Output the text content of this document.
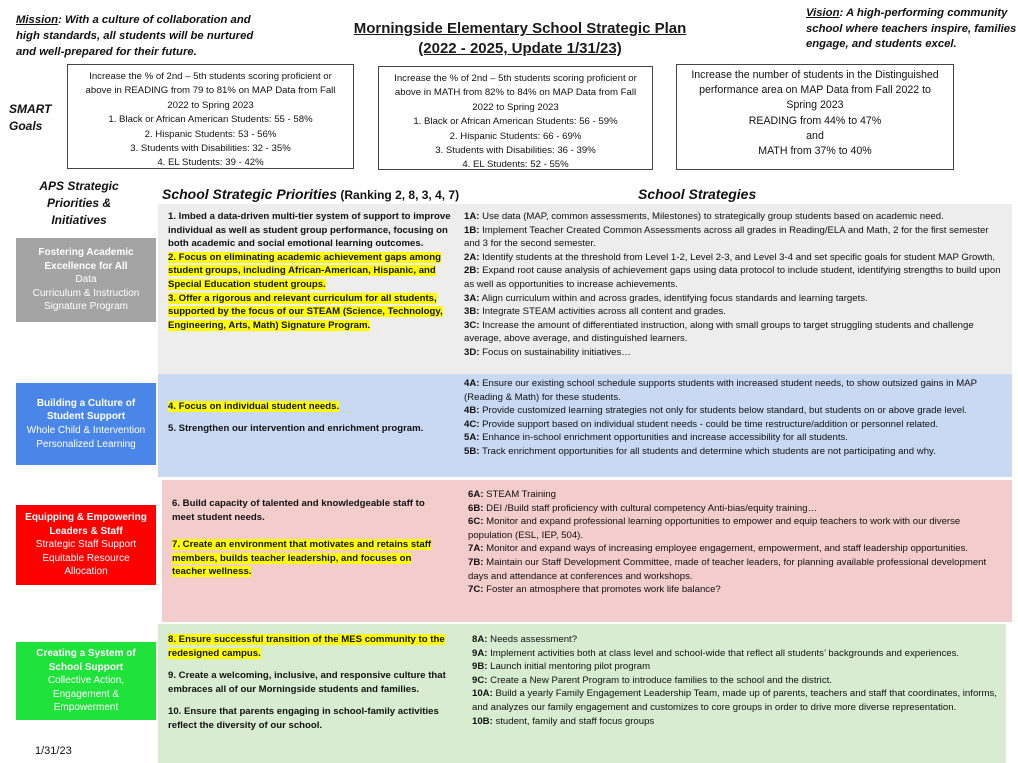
Mission: With a culture of collaboration and high standards, all students will be nurtured and well-prepared for their future.
Morningside Elementary School Strategic Plan
(2022 - 2025, Update 1/31/23)
Vision: A high-performing community school where teachers inspire, families engage, and students excel.
SMART
Goals
Increase the % of 2nd – 5th students scoring proficient or above in READING from 79 to 81% on MAP Data from Fall 2022 to Spring 2023
1. Black or African American Students: 55 - 58%
2. Hispanic Students: 53 - 56%
3. Students with Disabilities: 32 - 35%
4. EL Students: 39 - 42%
Increase the % of 2nd – 5th students scoring proficient or above in MATH from 82% to 84% on MAP Data from Fall 2022 to Spring 2023
1. Black or African American Students: 56 - 59%
2. Hispanic Students: 66 - 69%
3. Students with Disabilities: 36 - 39%
4. EL Students: 52 - 55%
Increase the number of students in the Distinguished performance area on MAP Data from Fall 2022 to Spring 2023
READING from 44% to 47%
and
MATH from 37% to 40%
APS Strategic
Priorities &
Initiatives
School Strategic Priorities (Ranking 2, 8, 3, 4, 7)	School Strategies
Fostering Academic
Excellence for All
Data
Curriculum & Instruction
Signature Program
1. Imbed a data-driven multi-tier system of support to improve individual as well as student group performance, focusing on both academic and social emotional learning outcomes.
2. Focus on eliminating academic achievement gaps among student groups, including African-American, Hispanic, and Special Education student groups.
3. Offer a rigorous and relevant curriculum for all students, supported by the focus of our STEAM (Science, Technology, Engineering, Arts, Math) Signature Program.
1A: Use data (MAP, common assessments, Milestones) to strategically group students based on academic need.
1B: Implement Teacher Created Common Assessments across all grades in Reading/ELA and Math, 2 for the first semester and 3 for the second semester.
2A: Identify students at the threshold from Level 1-2, Level 2-3, and Level 3-4 and set specific goals for student MAP Growth.
2B: Expand root cause analysis of achievement gaps using data protocol to include student, identifying strengths to build upon as well as opportunities to increase achievements.
3A: Align curriculum within and across grades, identifying focus standards and learning targets.
3B: Integrate STEAM activities across all content and grades.
3C: Increase the amount of differentiated instruction, along with small groups to target struggling students and challenge average, above average, and distinguished learners.
3D: Focus on sustainability initiatives…
Building a Culture of
Student Support
Whole Child & Intervention
Personalized Learning
4. Focus on individual student needs.
5. Strengthen our intervention and enrichment program.
4A: Ensure our existing school schedule supports students with increased student needs, to show outsized gains in MAP (Reading & Math) for these students.
4B: Provide customized learning strategies not only for students below standard, but students on or above grade level.
4C: Provide support based on individual student needs - could be time restructure/addition or personnel related.
5A: Enhance in-school enrichment opportunities and increase accessibility for all students.
5B: Track enrichment opportunities for all students and determine which students are not participating and why.
Equipping & Empowering
Leaders & Staff
Strategic Staff Support
Equitable Resource
Allocation
6. Build capacity of talented and knowledgeable staff to meet student needs.
7. Create an environment that motivates and retains staff members, builds teacher leadership, and focuses on teacher wellness.
6A: STEAM Training
6B: DEI /Build staff proficiency with cultural competency Anti-bias/equity training…
6C: Monitor and expand professional learning opportunities to empower and equip teachers to work with our diverse population (ESL, IEP, 504).
7A: Monitor and expand ways of increasing employee engagement, empowerment, and staff leadership opportunities.
7B: Maintain our Staff Development Committee, made of teacher leaders, for planning available professional development days and attendance at conferences and workshops.
7C: Foster an atmosphere that promotes work life balance?
Creating a System of
School Support
Collective Action,
Engagement &
Empowerment
8. Ensure successful transition of the MES community to the redesigned campus.
9. Create a welcoming, inclusive, and responsive culture that embraces all of our Morningside students and families.
10. Ensure that parents engaging in school-family activities reflect the diversity of our school.
8A: Needs assessment?
9A: Implement activities both at class level and school-wide that reflect all students’ backgrounds and experiences.
9B: Launch initial mentoring pilot program
9C: Create a New Parent Program to introduce families to the school and the district.
10A: Build a yearly Family Engagement Leadership Team, made up of parents, teachers and staff that coordinates, informs, and analyzes our family engagement and customizes to core groups in order to drive more diverse representation.
10B: student, family and staff focus groups
1/31/23
